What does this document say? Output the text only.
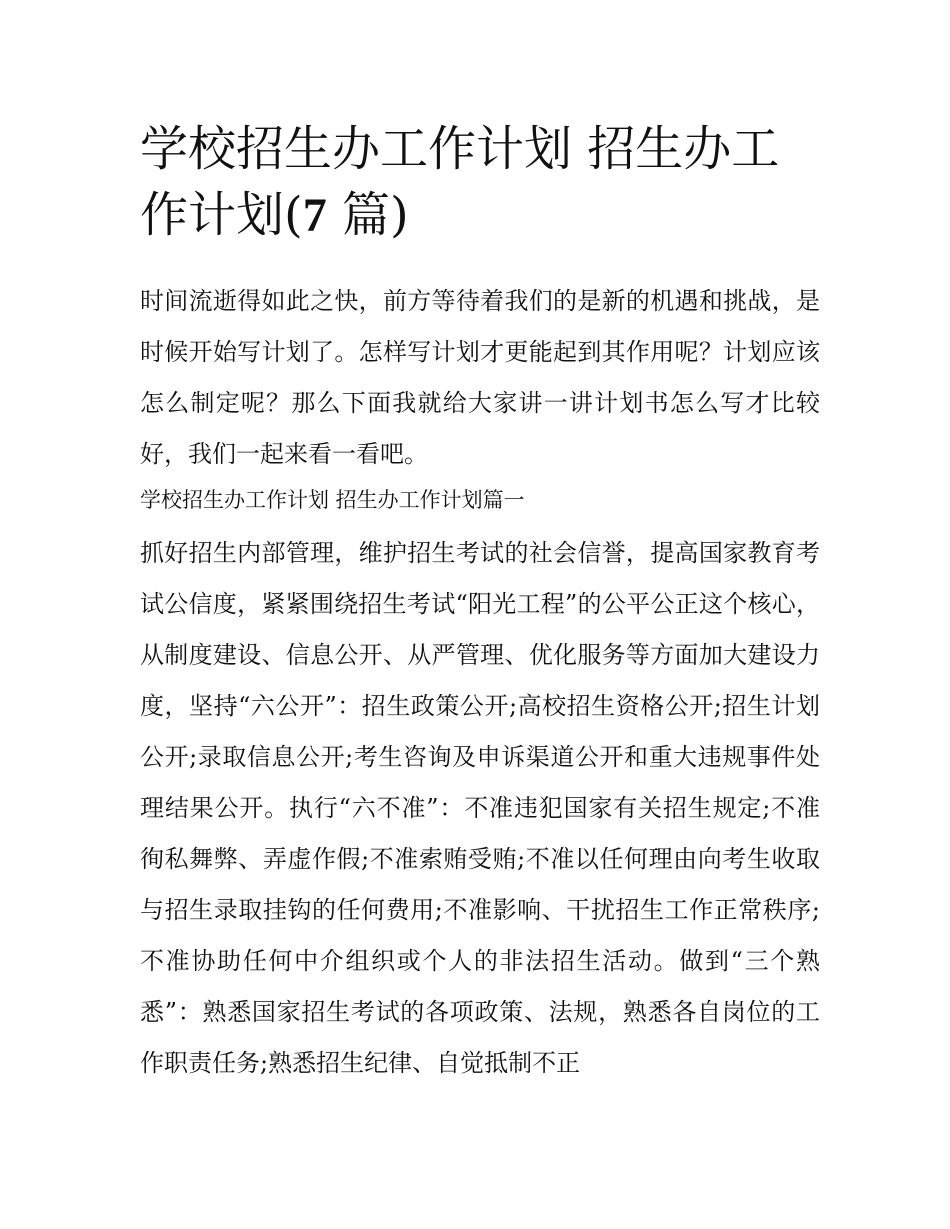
学校招生办工作计划 招生办工作计划(7 篇)

时间流逝得如此之快，前方等待着我们的是新的机遇和挑战，是时候开始写计划了。怎样写计划才更能起到其作用呢？计划应该怎么制定呢？那么下面我就给大家讲一讲计划书怎么写才比较好，我们一起来看一看吧。

学校招生办工作计划 招生办工作计划篇一

抓好招生内部管理，维护招生考试的社会信誉，提高国家教育考试公信度，紧紧围绕招生考试“阳光工程”的公平公正这个核心，从制度建设、信息公开、从严管理、优化服务等方面加大建设力度，坚持“六公开”：招生政策公开;高校招生资格公开;招生计划公开;录取信息公开;考生咨询及申诉渠道公开和重大违规事件处理结果公开。执行“六不准”：不准违犯国家有关招生规定;不准徇私舞弊、弄虚作假;不准索贿受贿;不准以任何理由向考生收取与招生录取挂钩的任何费用;不准影响、干扰招生工作正常秩序;不准协助任何中介组织或个人的非法招生活动。做到“三个熟悉”：熟悉国家招生考试的各项政策、法规，熟悉各自岗位的工作职责任务;熟悉招生纪律、自觉抵制不正
